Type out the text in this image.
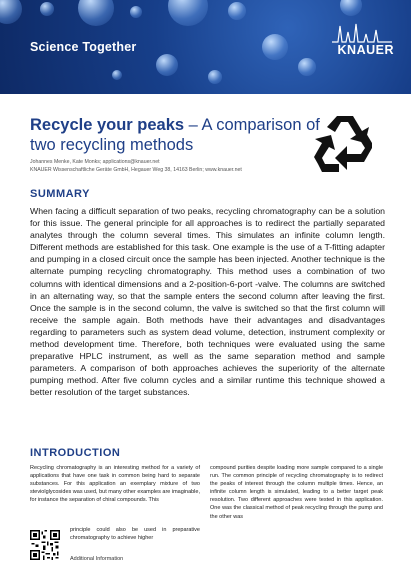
Science Together	KNAUER
Recycle your peaks – A comparison of two recycling methods
Johannes Menke, Kate Monks; applications@knauer.net
KNAUER Wissenschaftliche Geräte GmbH, Hegauer Weg 38, 14163 Berlin; www.knauer.net
SUMMARY

When facing a difficult separation of two peaks, recycling chromatography can be a solution for this issue. The general principle for all approaches is to redirect the partially separated analytes through the column several times. This simulates an infinite column length. Different methods are established for this task. One example is the use of a T-fitting adapter and pumping in a closed circuit once the sample has been injected. Another technique is the alternate pumping recycling chromatography. This method uses a combination of two columns with identical dimensions and a 2-position-6-port -valve. The columns are switched in an alternating way, so that the sample enters the second column after leaving the first. Once the sample is in the second column, the valve is switched so that the first column will receive the sample again. Both methods have their advantages and disadvantages regarding to parameters such as system dead volume, detection, instrument complexity or method development time. Therefore, both techniques were evaluated using the same preparative HPLC instrument, as well as the same separation method and sample parameters. A comparison of both approaches achieves the superiority of the alternate pumping method. After five column cycles and a similar runtime this technique showed a better resolution of the target substances.

INTRODUCTION

Recycling chromatography is an interesting method for a variety of applications that have one task in common being hard to separate substances. For this application an exemplary mixture of two steviolglycosides was used, but many other examples are imaginable, for instance the separation of chiral compounds. This

compound purities despite loading more sample compared to a single run. The common principle of recycling chromatography is to redirect the peaks of interest through the column multiple times. Hence, an infinite column length is simulated, leading to a better target peak resolution. Two different approaches were tested in this application. One was the classical method of peak recycling through the pump and the other was

principle could also be used in preparative chromatography to achieve higher

Additional Information
